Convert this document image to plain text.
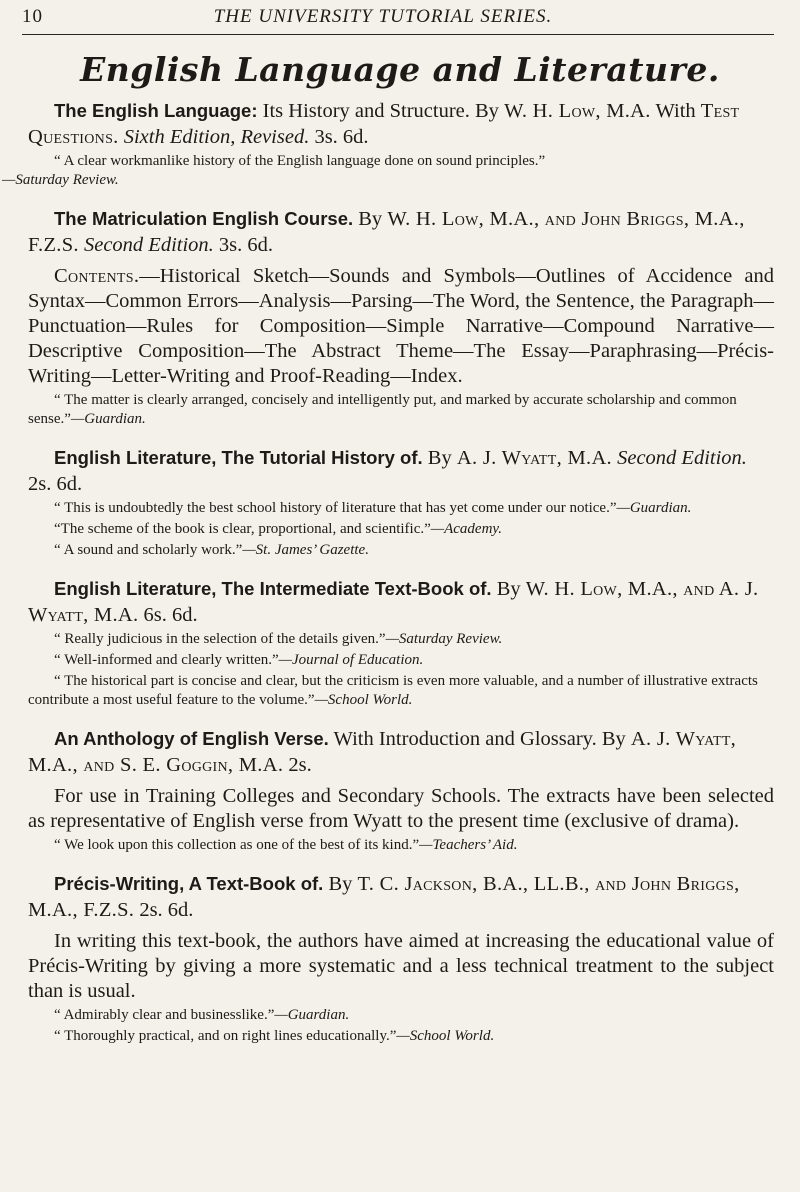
10	THE UNIVERSITY TUTORIAL SERIES.
English Language and Literature.
The English Language: Its History and Structure. By W. H. Low, M.A. With Test Questions. Sixth Edition, Revised. 3s. 6d.
“ A clear workmanlike history of the English language done on sound principles.”
—Saturday Review.
The Matriculation English Course. By W. H. Low, M.A., and John Briggs, M.A., F.Z.S. Second Edition. 3s. 6d.
Contents.—Historical Sketch—Sounds and Symbols—Outlines of Accidence and Syntax—Common Errors—Analysis—Parsing—The Word, the Sentence, the Paragraph—Punctuation—Rules for Composition—Simple Narrative—Compound Narrative—Descriptive Composition—The Abstract Theme—The Essay—Paraphrasing—Précis-Writing—Letter-Writing and Proof-Reading—Index.
“ The matter is clearly arranged, concisely and intelligently put, and marked by accurate scholarship and common sense.”—Guardian.
English Literature, The Tutorial History of. By A. J. Wyatt, M.A. Second Edition. 2s. 6d.
“ This is undoubtedly the best school history of literature that has yet come under our notice.”—Guardian.
“The scheme of the book is clear, proportional, and scientific.”—Academy.
“ A sound and scholarly work.”—St. James’ Gazette.
English Literature, The Intermediate Text-Book of. By W. H. Low, M.A., and A. J. Wyatt, M.A. 6s. 6d.
“ Really judicious in the selection of the details given.”—Saturday Review.
“ Well-informed and clearly written.”—Journal of Education.
“ The historical part is concise and clear, but the criticism is even more valuable, and a number of illustrative extracts contribute a most useful feature to the volume.”—School World.
An Anthology of English Verse. With Introduction and Glossary. By A. J. Wyatt, M.A., and S. E. Goggin, M.A. 2s.
For use in Training Colleges and Secondary Schools. The extracts have been selected as representative of English verse from Wyatt to the present time (exclusive of drama).
“ We look upon this collection as one of the best of its kind.”—Teachers’ Aid.
Précis-Writing, A Text-Book of. By T. C. Jackson, B.A., LL.B., and John Briggs, M.A., F.Z.S. 2s. 6d.
In writing this text-book, the authors have aimed at increasing the educational value of Précis-Writing by giving a more systematic and a less technical treatment to the subject than is usual.
“ Admirably clear and businesslike.”—Guardian.
“ Thoroughly practical, and on right lines educationally.”—School World.
